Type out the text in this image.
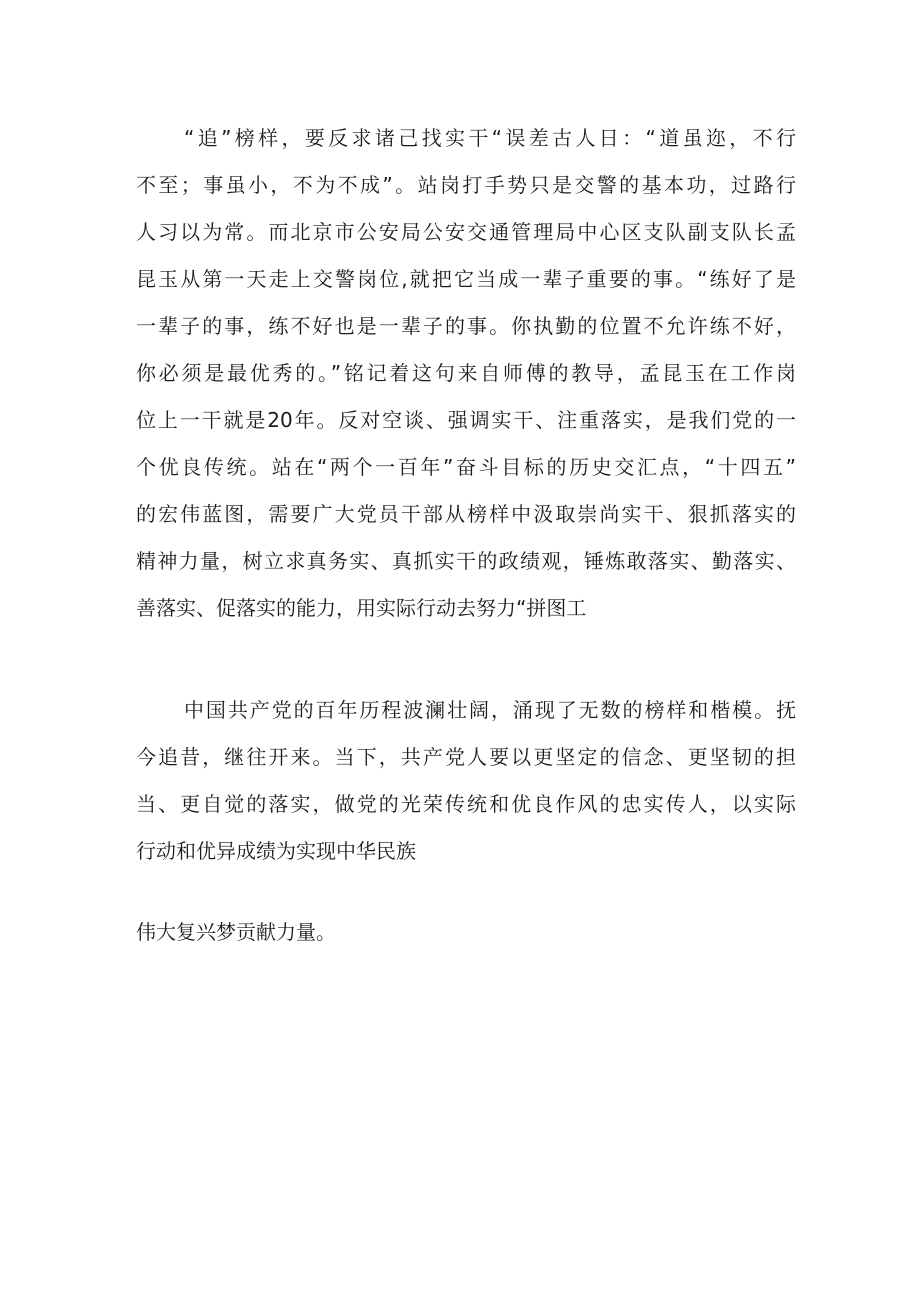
“追”榜样，要反求诸己找实干“误差古人日：“道虽迩，不行
不至；事虽小，不为不成”。站岗打手势只是交警的基本功，过路行
人习以为常。而北京市公安局公安交通管理局中心区支队副支队长孟
昆玉从第一天走上交警岗位,就把它当成一辈子重要的事。“练好了是
一辈子的事，练不好也是一辈子的事。你执勤的位置不允许练不好，
你必须是最优秀的。”铭记着这句来自师傅的教导，孟昆玉在工作岗
位上一干就是20年。反对空谈、强调实干、注重落实，是我们党的一
个优良传统。站在“两个一百年”奋斗目标的历史交汇点，“十四五”
的宏伟蓝图，需要广大党员干部从榜样中汲取崇尚实干、狠抓落实的
精神力量，树立求真务实、真抓实干的政绩观，锤炼敢落实、勤落实、
善落实、促落实的能力，用实际行动去努力“拼图工
中国共产党的百年历程波澜壮阔，涌现了无数的榜样和楷模。抚
今追昔，继往开来。当下，共产党人要以更坚定的信念、更坚韧的担
当、更自觉的落实，做党的光荣传统和优良作风的忠实传人，以实际
行动和优异成绩为实现中华民族
伟大复兴梦贡献力量。
